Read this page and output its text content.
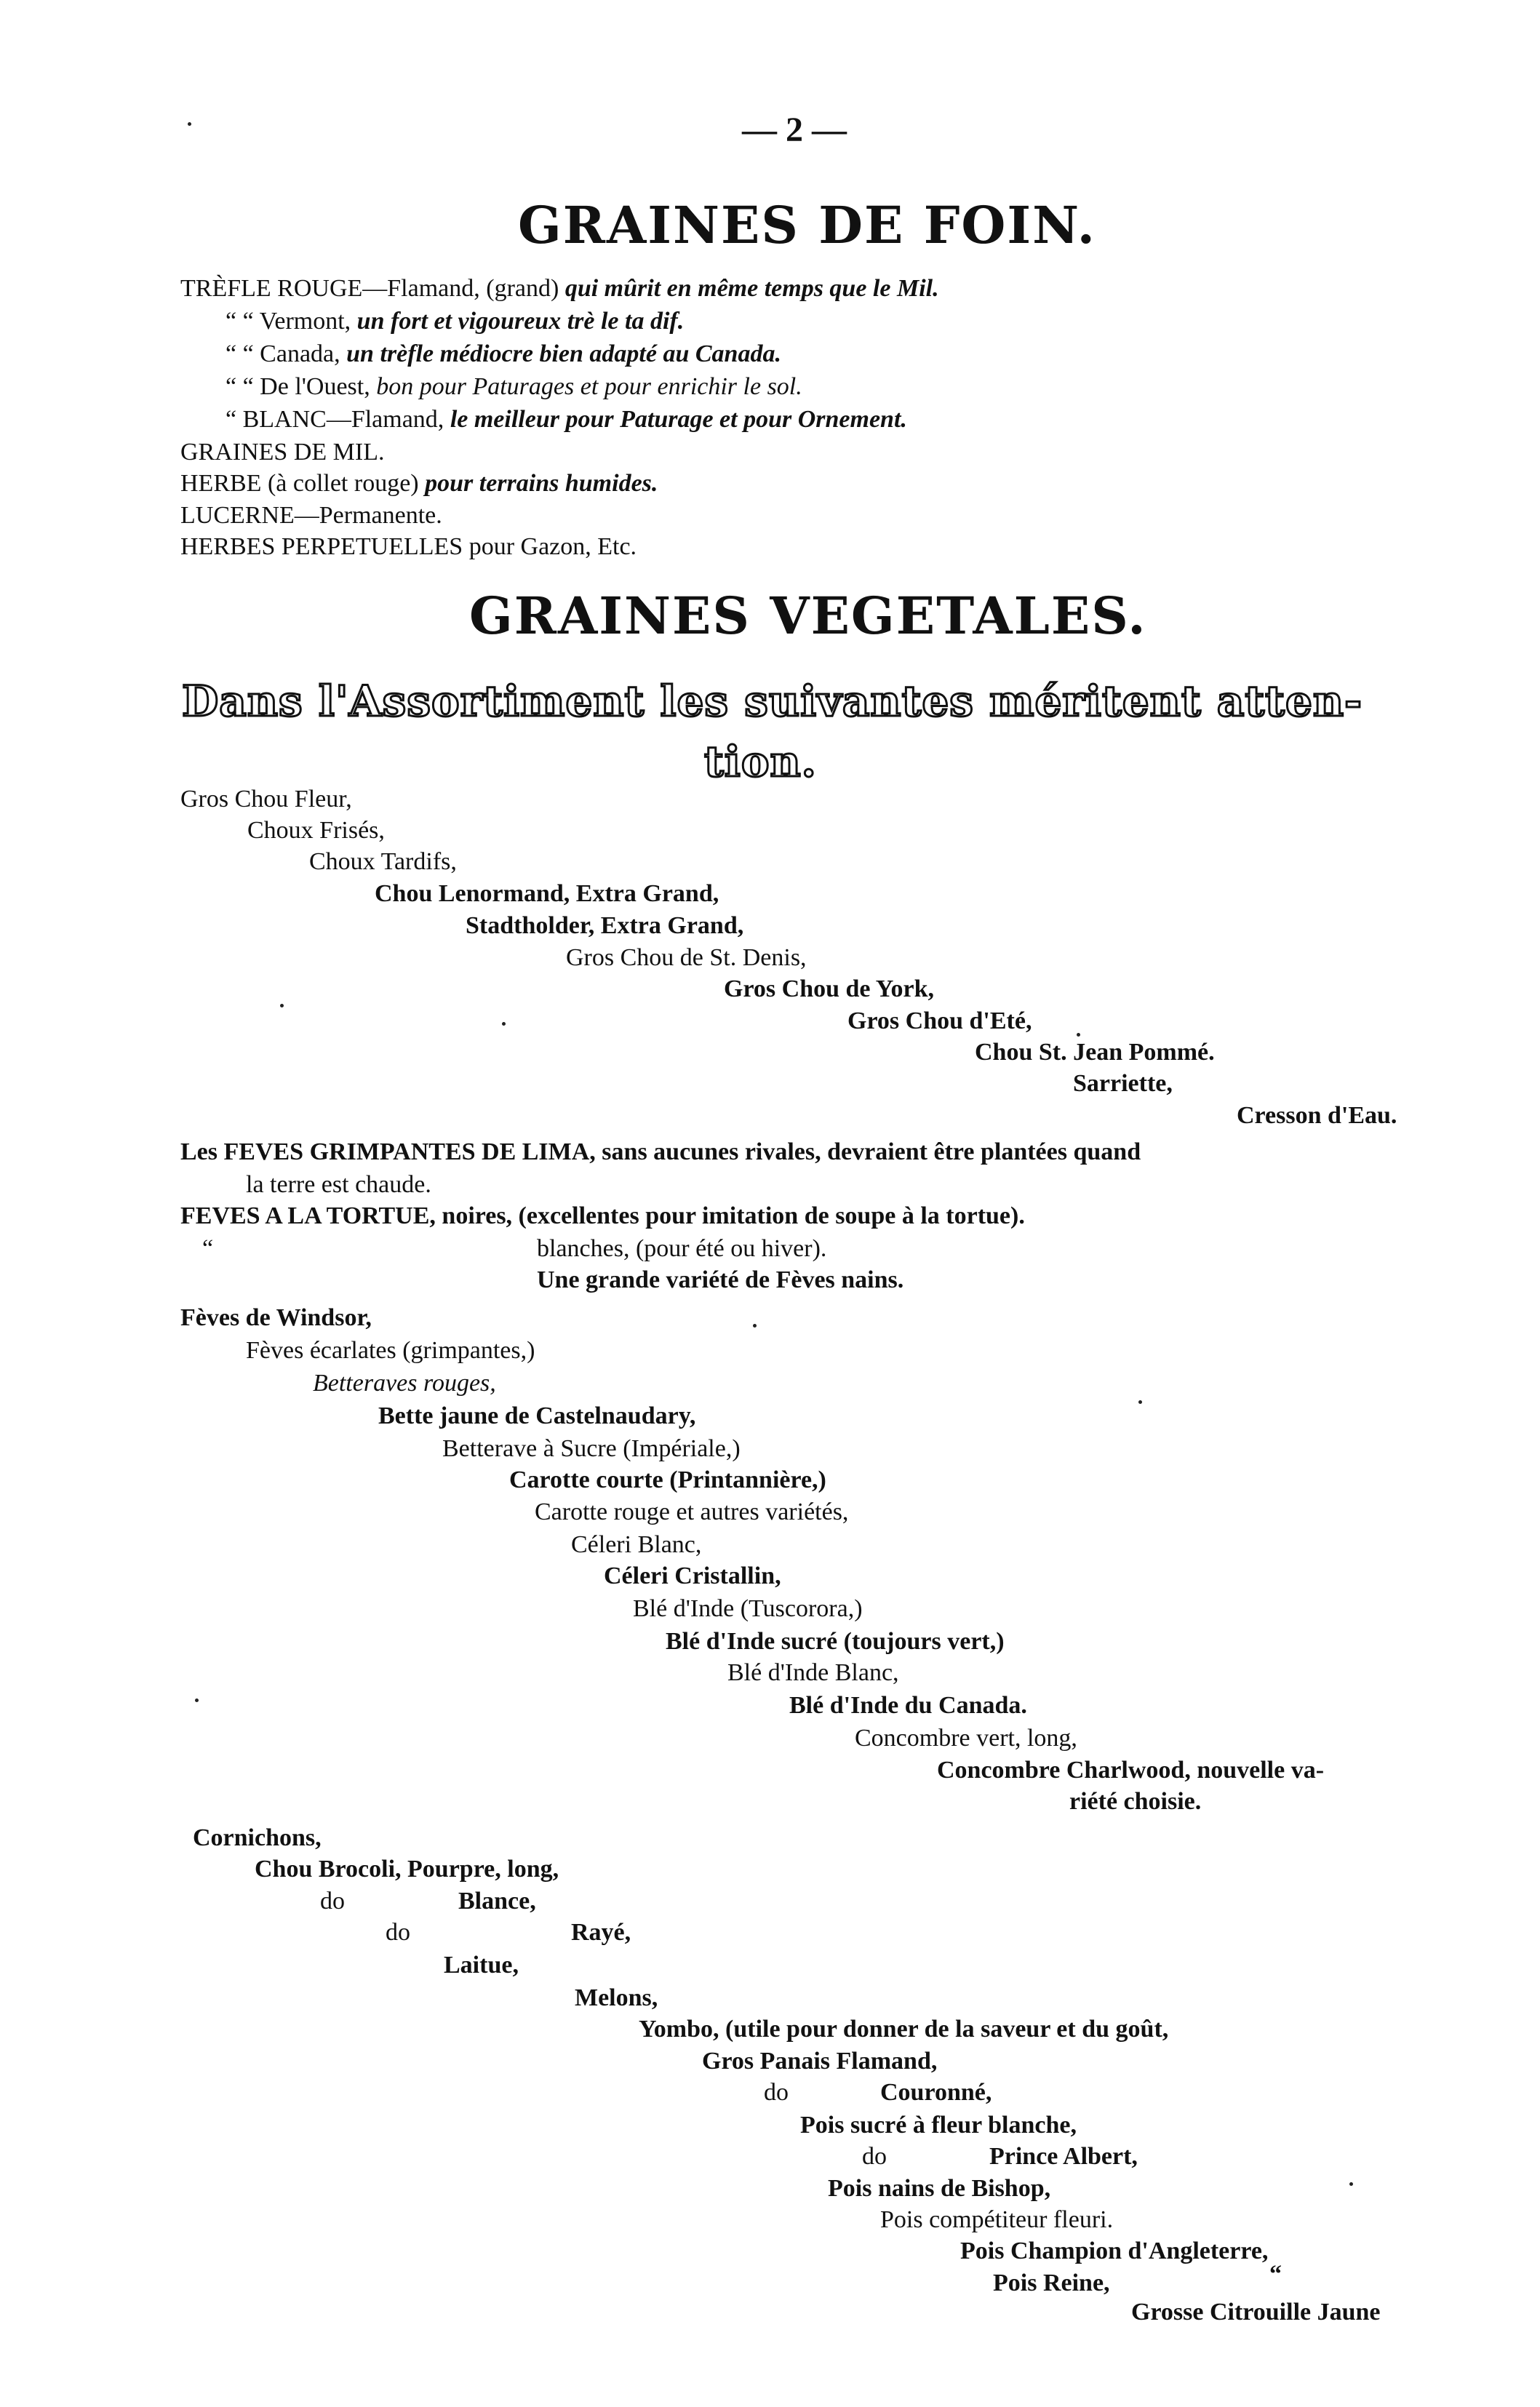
— 2 —
GRAINES DE FOIN.
TRÈFLE ROUGE—Flamand, (grand) qui mûrit en même temps que le Mil.
“ “ Vermont, un fort et vigoureux trè le ta dif.
“ “ Canada, un trèfle médiocre bien adapté au Canada.
“ “ De l'Ouest, bon pour Paturages et pour enrichir le sol.
“ BLANC—Flamand, le meilleur pour Paturage et pour Ornement.
GRAINES DE MIL.
HERBE (à collet rouge) pour terrains humides.
LUCERNE—Permanente.
HERBES PERPETUELLES pour Gazon, Etc.
GRAINES VEGETALES.
Dans l'Assortiment les suivantes méritent atten-
tion.
Gros Chou Fleur,
Choux Frisés,
Choux Tardifs,
Chou Lenormand, Extra Grand,
Stadtholder, Extra Grand,
Gros Chou de St. Denis,
Gros Chou de York,
Gros Chou d'Eté,
Chou St. Jean Pommé.
Sarriette,
Cresson d'Eau.
Les FEVES GRIMPANTES DE LIMA, sans aucunes rivales, devraient être plantées quand
la terre est chaude.
FEVES A LA TORTUE, noires, (excellentes pour imitation de soupe à la tortue).
“	blanches, (pour été ou hiver).
Une grande variété de Fèves nains.
Fèves de Windsor,
Fèves écarlates (grimpantes,)
Betteraves rouges,
Bette jaune de Castelnaudary,
Betterave à Sucre (Impériale,)
Carotte courte (Printannière,)
Carotte rouge et autres variétés,
Céleri Blanc,
Céleri Cristallin,
Blé d'Inde (Tuscorora,)
Blé d'Inde sucré (toujours vert,)
Blé d'Inde Blanc,
Blé d'Inde du Canada.
Concombre vert, long,
Concombre Charlwood, nouvelle va-
riété choisie.
Cornichons,
Chou Brocoli, Pourpre, long,
do	Blance,
do	Rayé,
Laitue,
Melons,
Yombo, (utile pour donner de la saveur et du goût,
Gros Panais Flamand,
do	Couronné,
Pois sucré à fleur blanche,
do	Prince Albert,
Pois nains de Bishop,
Pois compétiteur fleuri.
Pois Champion d'Angleterre,
Pois Reine,	“
Grosse Citrouille Jaune
